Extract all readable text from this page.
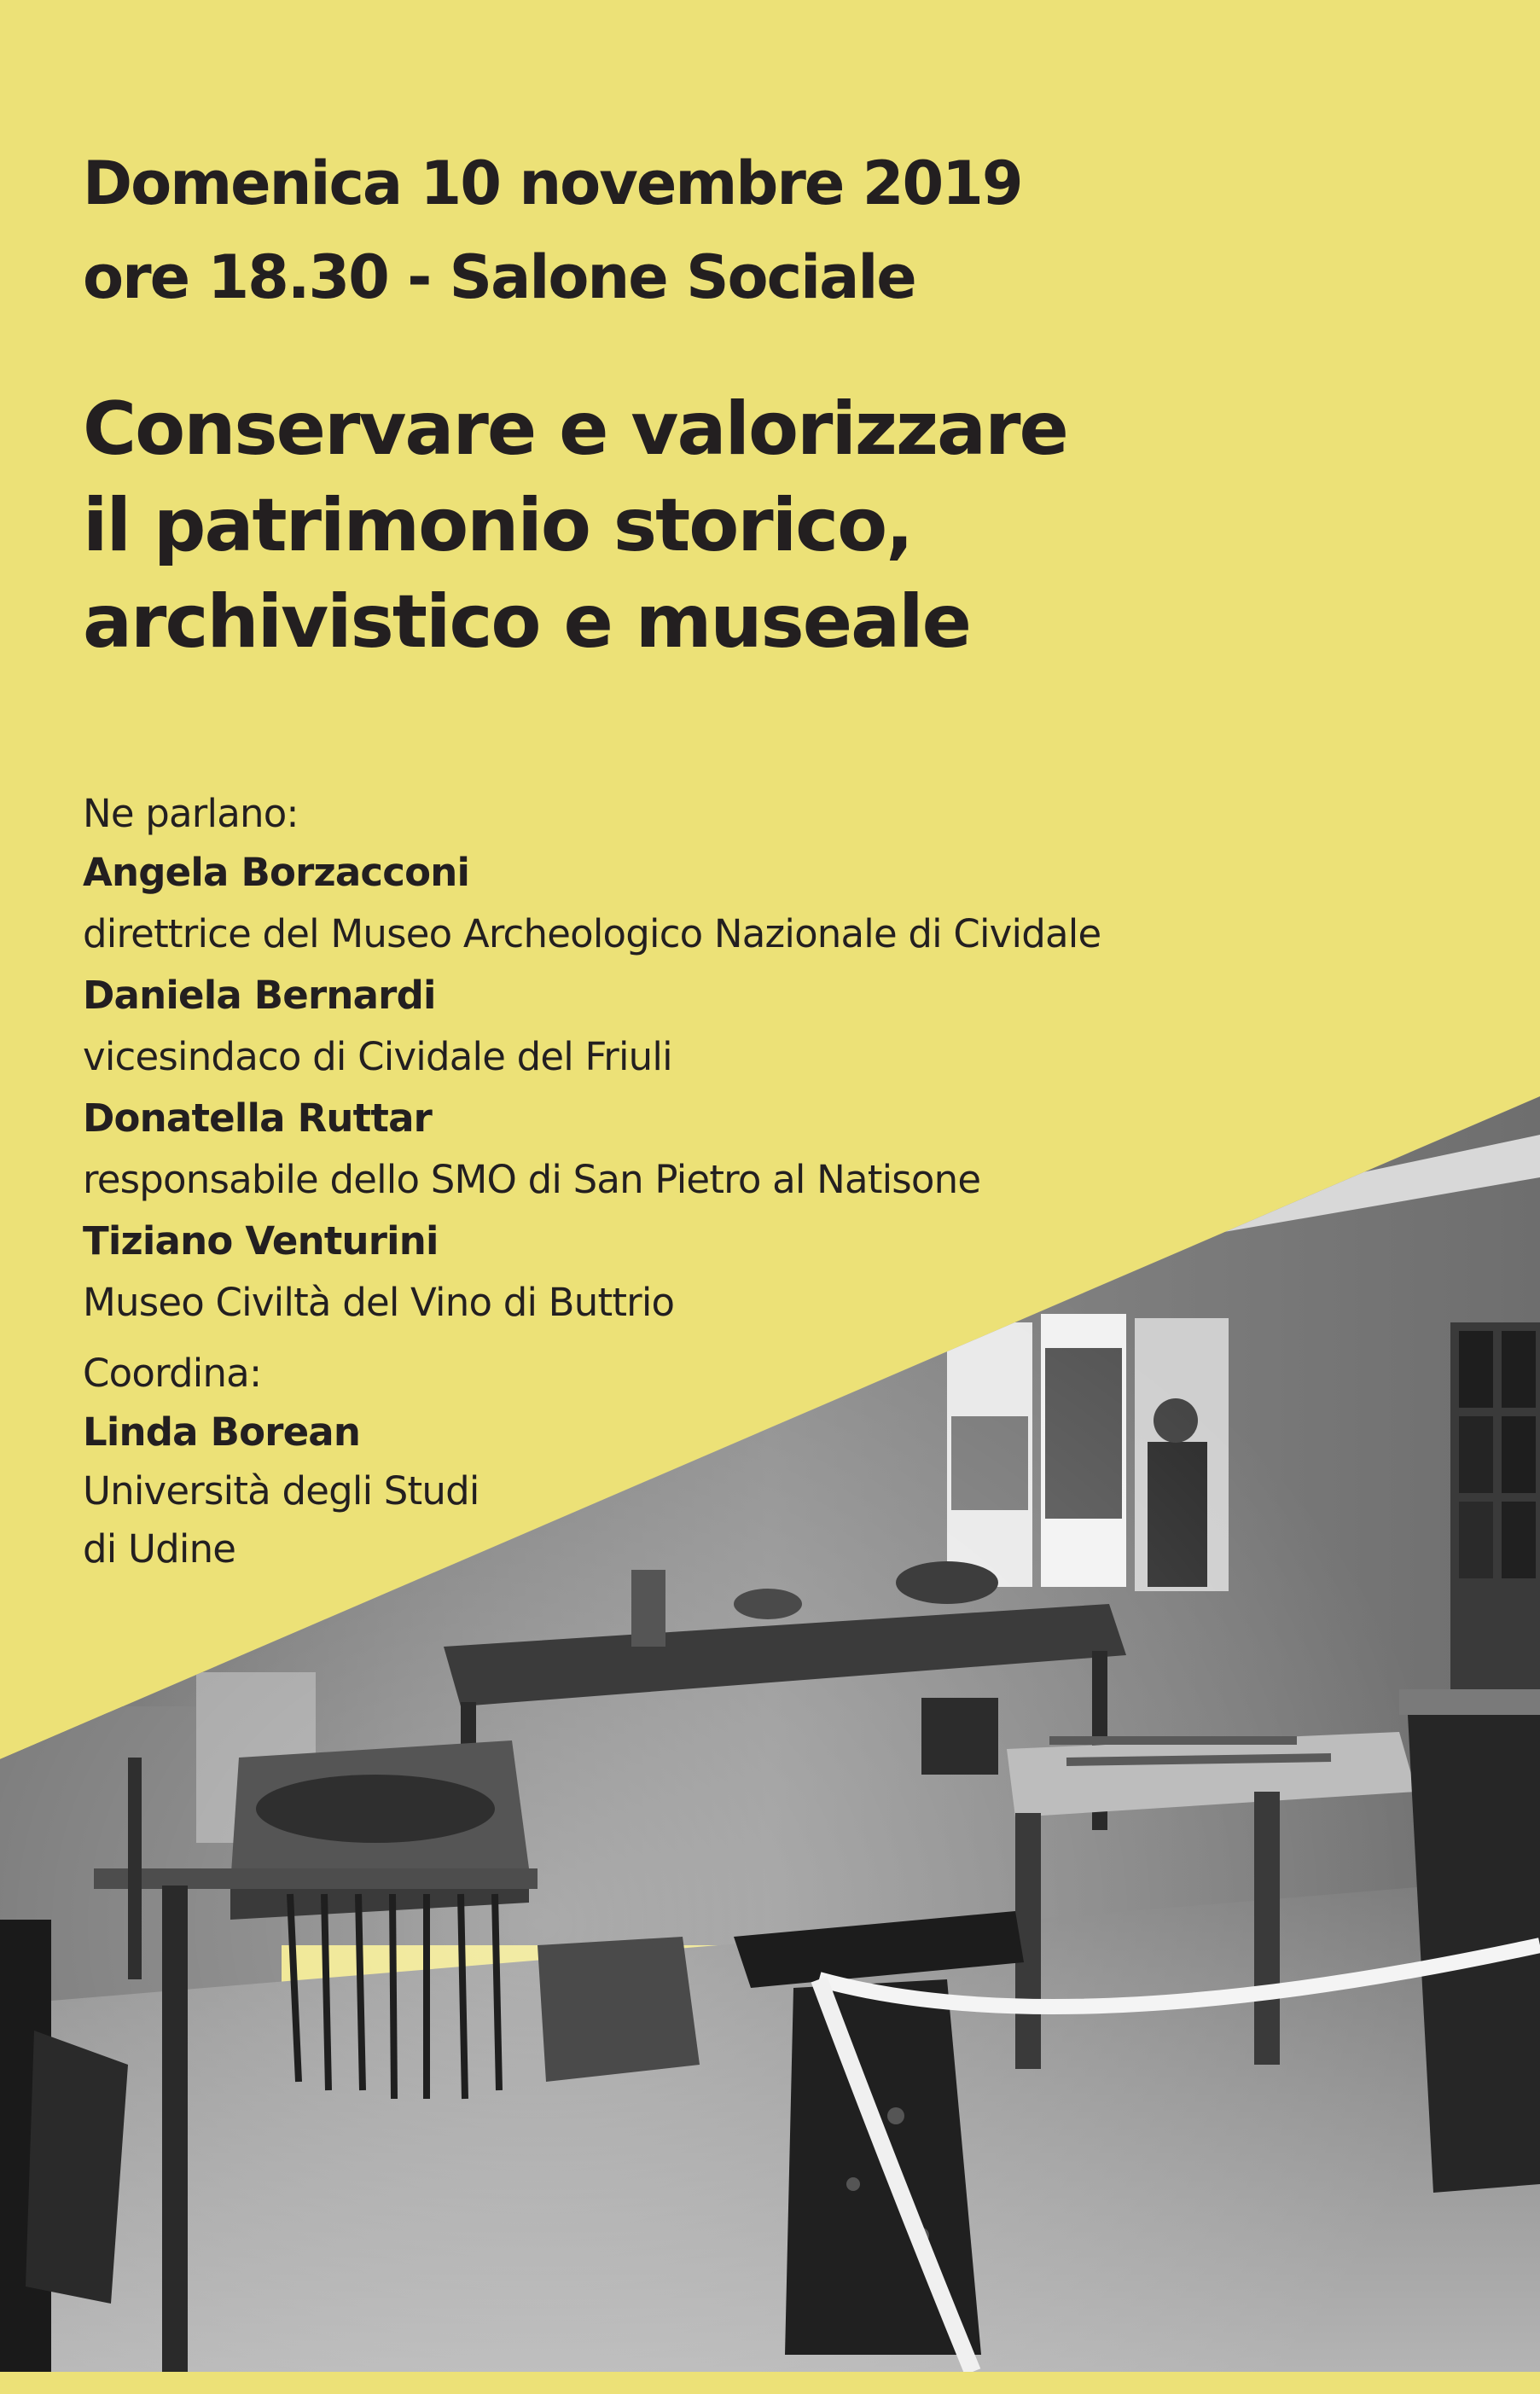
Domenica 10 novembre 2019
ore 18.30 - Salone Sociale
Conservare e valorizzare
il patrimonio storico,
archivistico e museale
Ne parlano:
Angela Borzacconi
direttrice del Museo Archeologico Nazionale di Cividale
Daniela Bernardi
vicesindaco di Cividale del Friuli
Donatella Ruttar
responsabile dello SMO di San Pietro al Natisone
Tiziano Venturini
Museo Civiltà del Vino di Buttrio
Coordina:
Linda Borean
Università degli Studi
di Udine
